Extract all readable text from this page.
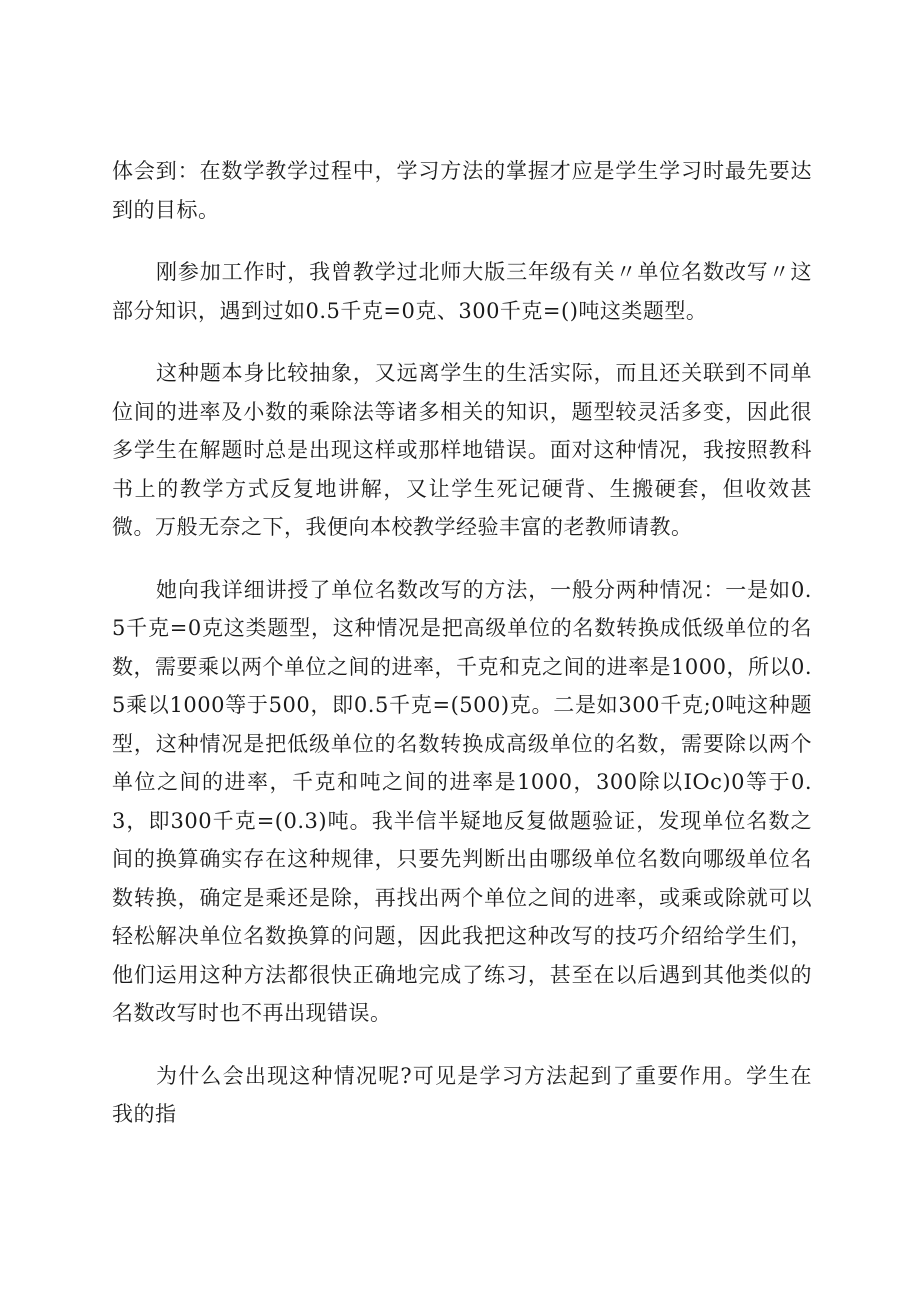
体会到：在数学教学过程中，学习方法的掌握才应是学生学习时最先要达到的目标。

刚参加工作时，我曾教学过北师大版三年级有关〃单位名数改写〃这部分知识，遇到过如0.5千克=0克、300千克=()吨这类题型。

这种题本身比较抽象，又远离学生的生活实际，而且还关联到不同单位间的进率及小数的乘除法等诸多相关的知识，题型较灵活多变，因此很多学生在解题时总是出现这样或那样地错误。面对这种情况，我按照教科书上的教学方式反复地讲解，又让学生死记硬背、生搬硬套，但收效甚微。万般无奈之下，我便向本校教学经验丰富的老教师请教。

她向我详细讲授了单位名数改写的方法，一般分两种情况：一是如0.5千克=0克这类题型，这种情况是把高级单位的名数转换成低级单位的名数，需要乘以两个单位之间的进率，千克和克之间的进率是1000，所以0.5乘以1000等于500，即0.5千克=(500)克。二是如300千克;0吨这种题型，这种情况是把低级单位的名数转换成高级单位的名数，需要除以两个单位之间的进率，千克和吨之间的进率是1000，300除以IOc)0等于0.3，即300千克=(0.3)吨。我半信半疑地反复做题验证，发现单位名数之间的换算确实存在这种规律，只要先判断出由哪级单位名数向哪级单位名数转换，确定是乘还是除，再找出两个单位之间的进率，或乘或除就可以轻松解决单位名数换算的问题，因此我把这种改写的技巧介绍给学生们，他们运用这种方法都很快正确地完成了练习，甚至在以后遇到其他类似的名数改写时也不再出现错误。

为什么会出现这种情况呢?可见是学习方法起到了重要作用。学生在我的指
